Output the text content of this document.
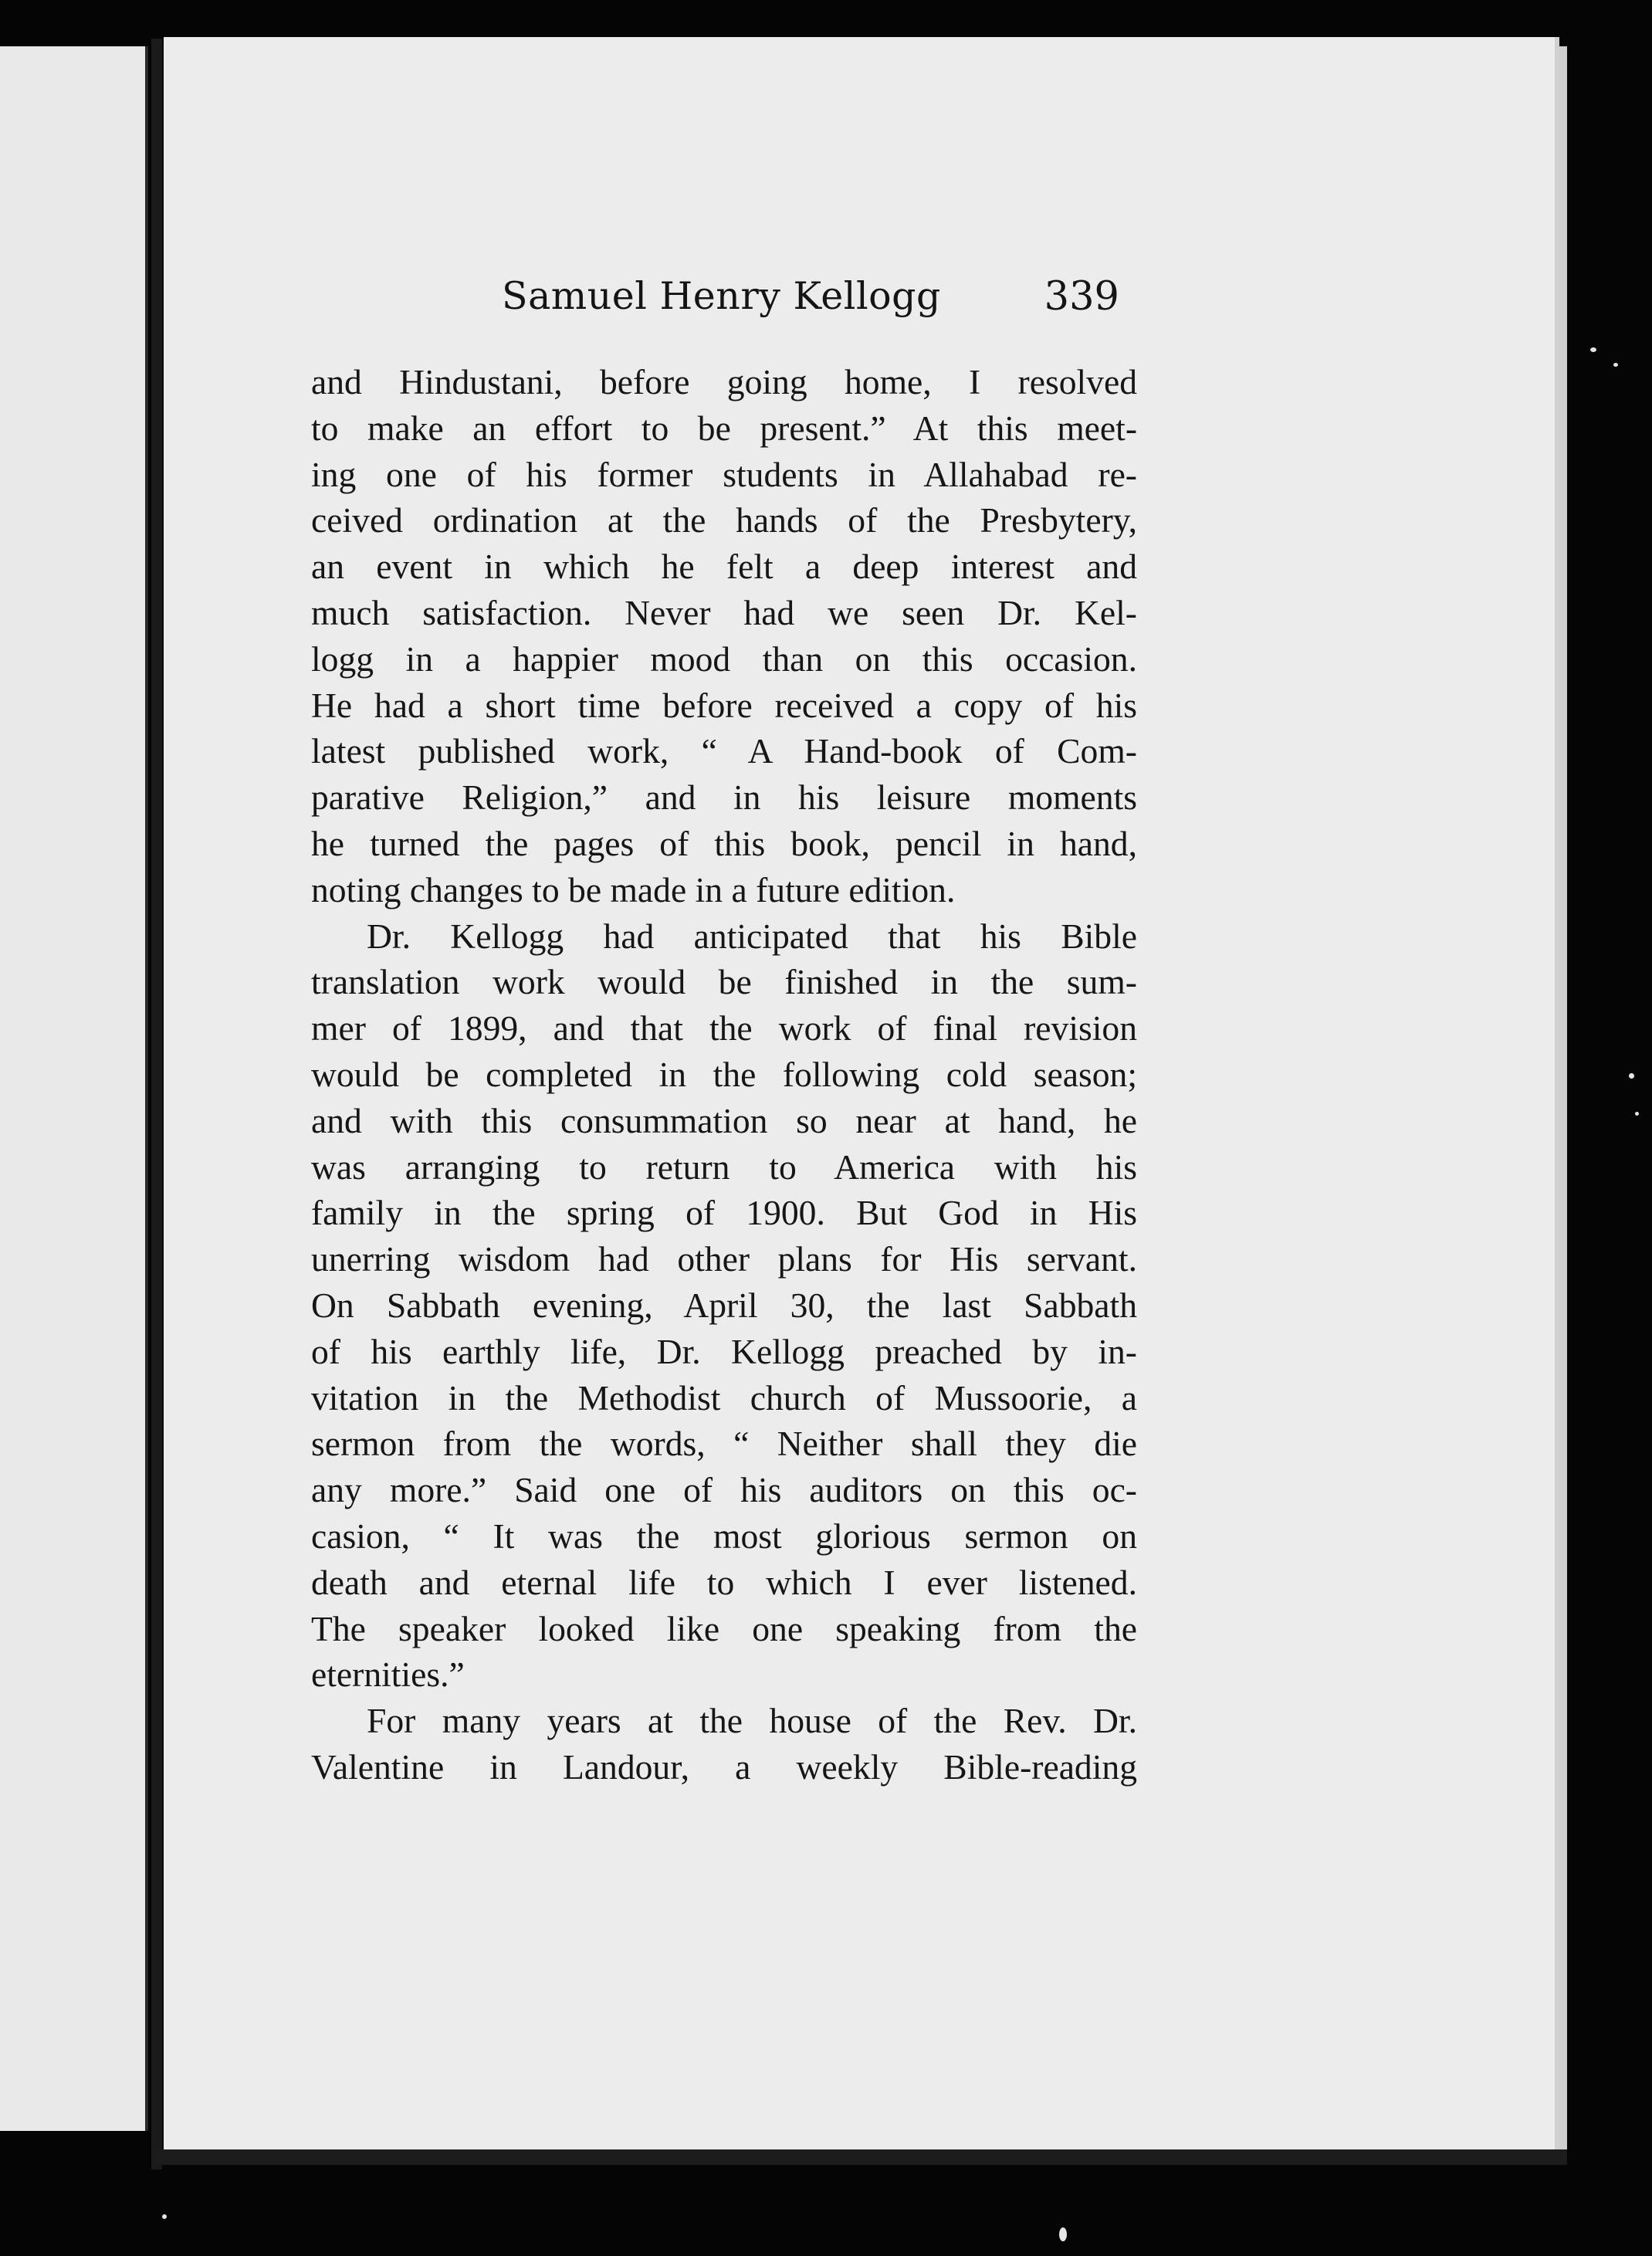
Samuel Henry Kellogg	339
and Hindustani, before going home, I resolved
to make an effort to be present.” At this meet-
ing one of his former students in Allahabad re-
ceived ordination at the hands of the Presbytery,
an event in which he felt a deep interest and
much satisfaction. Never had we seen Dr. Kel-
logg in a happier mood than on this occasion.
He had a short time before received a copy of his
latest published work, “ A Hand-book of Com-
parative Religion,” and in his leisure moments
he turned the pages of this book, pencil in hand,
noting changes to be made in a future edition.
Dr. Kellogg had anticipated that his Bible
translation work would be finished in the sum-
mer of 1899, and that the work of final revision
would be completed in the following cold season;
and with this consummation so near at hand, he
was arranging to return to America with his
family in the spring of 1900. But God in His
unerring wisdom had other plans for His servant.
On Sabbath evening, April 30, the last Sabbath
of his earthly life, Dr. Kellogg preached by in-
vitation in the Methodist church of Mussoorie, a
sermon from the words, “ Neither shall they die
any more.” Said one of his auditors on this oc-
casion, “ It was the most glorious sermon on
death and eternal life to which I ever listened.
The speaker looked like one speaking from the
eternities.”
For many years at the house of the Rev. Dr.
Valentine in Landour, a weekly Bible-reading
